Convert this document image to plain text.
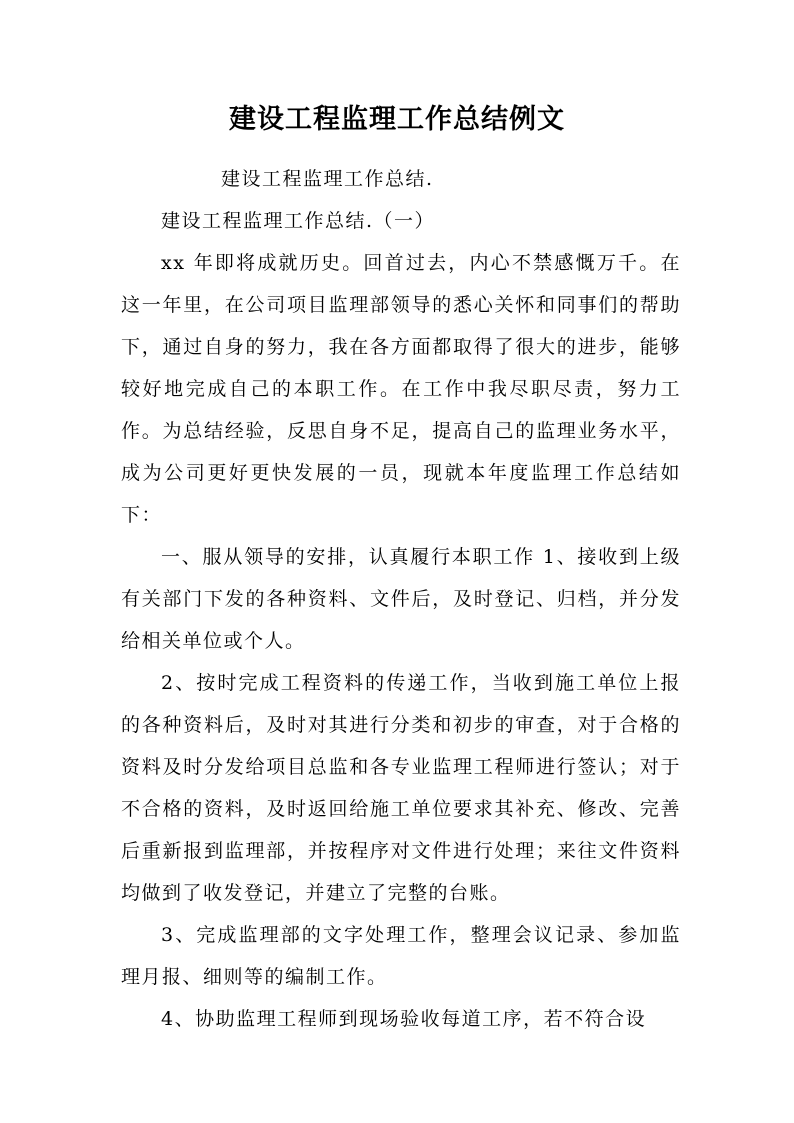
建设工程监理工作总结例文

建设工程监理工作总结.

建设工程监理工作总结.（一）

xx 年即将成就历史。回首过去，内心不禁感慨万千。在这一年里，在公司项目监理部领导的悉心关怀和同事们的帮助下，通过自身的努力，我在各方面都取得了很大的进步，能够较好地完成自己的本职工作。在工作中我尽职尽责，努力工作。为总结经验，反思自身不足，提高自己的监理业务水平，成为公司更好更快发展的一员，现就本年度监理工作总结如下：

一、服从领导的安排，认真履行本职工作 1、接收到上级有关部门下发的各种资料、文件后，及时登记、归档，并分发给相关单位或个人。

2、按时完成工程资料的传递工作，当收到施工单位上报的各种资料后，及时对其进行分类和初步的审查，对于合格的资料及时分发给项目总监和各专业监理工程师进行签认；对于不合格的资料，及时返回给施工单位要求其补充、修改、完善后重新报到监理部，并按程序对文件进行处理；来往文件资料均做到了收发登记，并建立了完整的台账。

3、完成监理部的文字处理工作，整理会议记录、参加监理月报、细则等的编制工作。

4、协助监理工程师到现场验收每道工序，若不符合设
